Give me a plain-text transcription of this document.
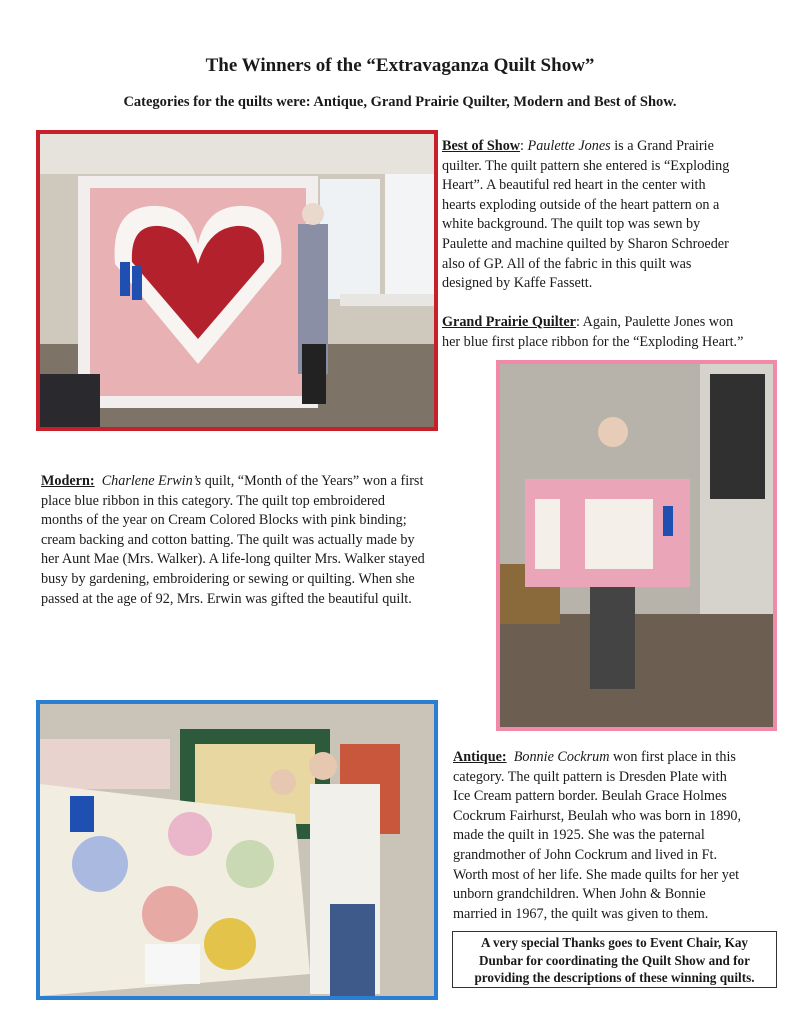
The Winners of the “Extravaganza Quilt Show”
Categories for the quilts were: Antique, Grand Prairie Quilter, Modern and Best of Show.
Best of Show: Paulette Jones is a Grand Prairie
quilter. The quilt pattern she entered is “Exploding
Heart”. A beautiful red heart in the center with
hearts exploding outside of the heart pattern on a
white background. The quilt top was sewn by
Paulette and machine quilted by Sharon Schroeder
also of GP. All of the fabric in this quilt was
designed by Kaffe Fassett.
Grand Prairie Quilter: Again, Paulette Jones won
her blue first place ribbon for the “Exploding Heart.”
Modern: Charlene Erwin’s quilt, “Month of the Years” won a first
place blue ribbon in this category. The quilt top embroidered
months of the year on Cream Colored Blocks with pink binding;
cream backing and cotton batting. The quilt was actually made by
her Aunt Mae (Mrs. Walker). A life-long quilter Mrs. Walker stayed
busy by gardening, embroidering or sewing or quilting. When she
passed at the age of 92, Mrs. Erwin was gifted the beautiful quilt.
Antique: Bonnie Cockrum won first place in this
category. The quilt pattern is Dresden Plate with
Ice Cream pattern border. Beulah Grace Holmes
Cockrum Fairhurst, Beulah who was born in 1890,
made the quilt in 1925. She was the paternal
grandmother of John Cockrum and lived in Ft.
Worth most of her life. She made quilts for her yet
unborn grandchildren. When John & Bonnie
married in 1967, the quilt was given to them.
A very special Thanks goes to Event Chair, Kay
Dunbar for coordinating the Quilt Show and for
providing the descriptions of these winning quilts.
